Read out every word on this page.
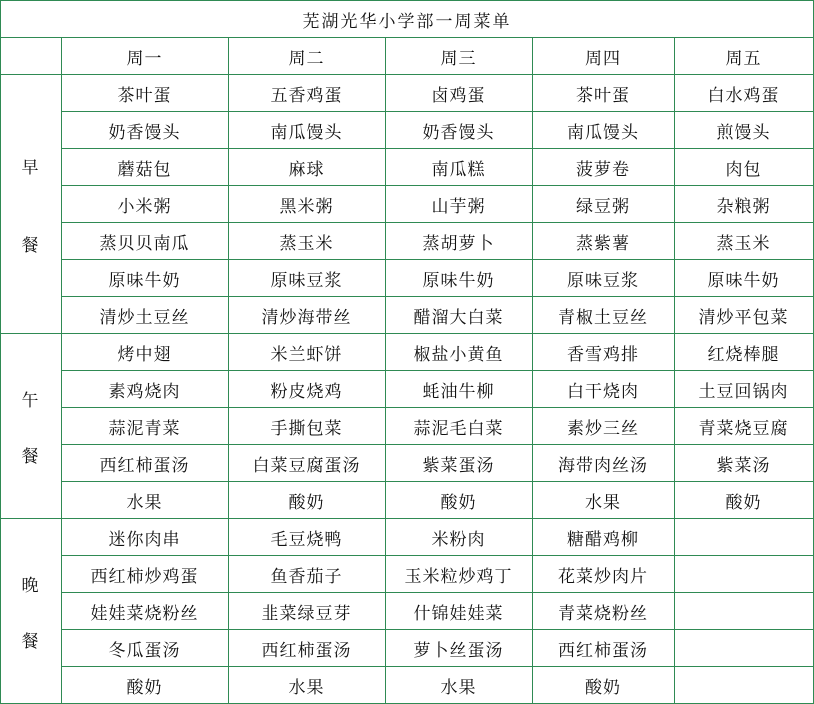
芜湖光华小学部一周菜单
周一	周二	周三	周四	周五
早
餐
茶叶蛋	五香鸡蛋	卤鸡蛋	茶叶蛋	白水鸡蛋
奶香馒头	南瓜馒头	奶香馒头	南瓜馒头	煎馒头
蘑菇包	麻球	南瓜糕	菠萝卷	肉包
小米粥	黑米粥	山芋粥	绿豆粥	杂粮粥
蒸贝贝南瓜	蒸玉米	蒸胡萝卜	蒸紫薯	蒸玉米
原味牛奶	原味豆浆	原味牛奶	原味豆浆	原味牛奶
清炒土豆丝	清炒海带丝	醋溜大白菜	青椒土豆丝	清炒平包菜
午
餐
烤中翅	米兰虾饼	椒盐小黄鱼	香雪鸡排	红烧棒腿
素鸡烧肉	粉皮烧鸡	蚝油牛柳	白干烧肉	土豆回锅肉
蒜泥青菜	手撕包菜	蒜泥毛白菜	素炒三丝	青菜烧豆腐
西红柿蛋汤	白菜豆腐蛋汤	紫菜蛋汤	海带肉丝汤	紫菜汤
水果	酸奶	酸奶	水果	酸奶
晚
餐
迷你肉串	毛豆烧鸭	米粉肉	糖醋鸡柳
西红柿炒鸡蛋	鱼香茄子	玉米粒炒鸡丁	花菜炒肉片
娃娃菜烧粉丝	韭菜绿豆芽	什锦娃娃菜	青菜烧粉丝
冬瓜蛋汤	西红柿蛋汤	萝卜丝蛋汤	西红柿蛋汤
酸奶	水果	水果	酸奶
